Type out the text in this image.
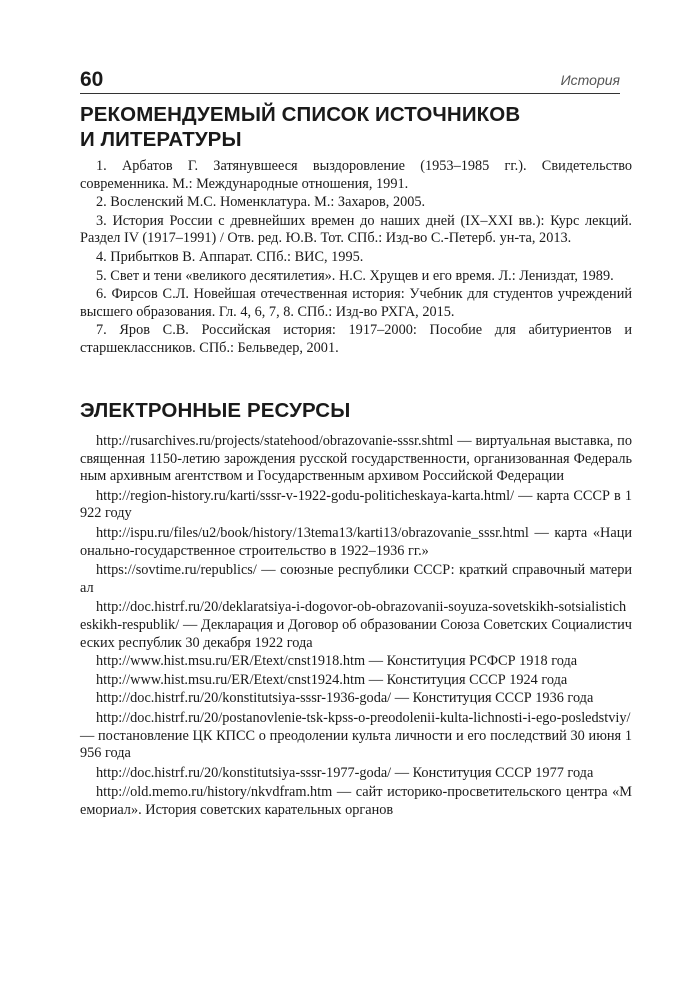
60	История
РЕКОМЕНДУЕМЫЙ СПИСОК ИСТОЧНИКОВ
И ЛИТЕРАТУРЫ

1. Арбатов Г. Затянувшееся выздоровление (1953–1985 гг.). Свидетельство современника. М.: Международные отношения, 1991.

2. Восленский М.С. Номенклатура. М.: Захаров, 2005.

3. История России с древнейших времен до наших дней (IX–XXI вв.): Курс лекций. Раздел IV (1917–1991) / Отв. ред. Ю.В. Тот. СПб.: Изд-во С.-Петерб. ун-та, 2013.

4. Прибытков В. Аппарат. СПб.: ВИС, 1995.

5. Свет и тени «великого десятилетия». Н.С. Хрущев и его время. Л.: Лениздат, 1989.

6. Фирсов С.Л. Новейшая отечественная история: Учебник для студентов учреждений высшего образования. Гл. 4, 6, 7, 8. СПб.: Изд-во РХГА, 2015.

7. Яров С.В. Российская история: 1917–2000: Пособие для абитуриентов и старшеклассников. СПб.: Бельведер, 2001.

ЭЛЕКТРОННЫЕ РЕСУРСЫ

http://rusarchives.ru/projects/statehood/obrazovanie-sssr.shtml — виртуальная выставка, посвященная 1150-летию зарождения русской государственности, организованная Федеральным архивным агентством и Государственным архивом Российской Федерации

http://region-history.ru/karti/sssr-v-1922-godu-politicheskaya-karta.html/ — карта СССР в 1922 году

http://ispu.ru/files/u2/book/history/13tema13/karti13/obrazovanie_sssr.html — карта «Национально-государственное строительство в 1922–1936 гг.»

https://sovtime.ru/republics/ — союзные республики СССР: краткий справочный материал

http://doc.histrf.ru/20/deklaratsiya-i-dogovor-ob-obrazovanii-soyuza-sovetskikh-sotsialisticheskikh-respublik/ — Декларация и Договор об образовании Союза Советских Социалистических республик 30 декабря 1922 года

http://www.hist.msu.ru/ER/Etext/cnst1918.htm — Конституция РСФСР 1918 года

http://www.hist.msu.ru/ER/Etext/cnst1924.htm — Конституция СССР 1924 года

http://doc.histrf.ru/20/konstitutsiya-sssr-1936-goda/ — Конституция СССР 1936 года

http://doc.histrf.ru/20/postanovlenie-tsk-kpss-o-preodolenii-kulta-lichnosti-i-ego-posledstviy/ — постановление ЦК КПСС о преодолении культа личности и его последствий 30 июня 1956 года

http://doc.histrf.ru/20/konstitutsiya-sssr-1977-goda/ — Конституция СССР 1977 года

http://old.memo.ru/history/nkvdfram.htm — сайт историко-просветительского центра «Мемориал». История советских карательных органов
